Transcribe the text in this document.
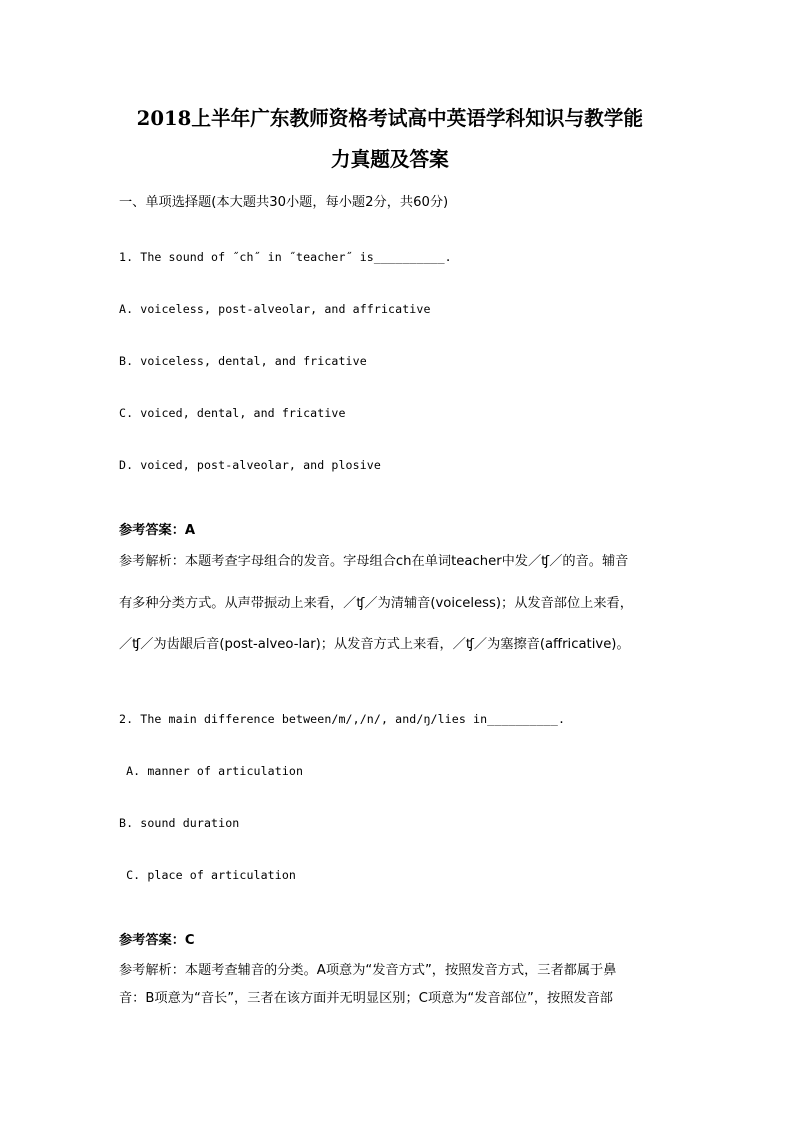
2018上半年广东教师资格考试高中英语学科知识与教学能
力真题及答案
一、单项选择题(本大题共30小题，每小题2分，共60分)
1. The sound of ˝ch˝ in ˝teacher˝ is__________.
A. voiceless, post-alveolar, and affricative
B. voiceless, dental, and fricative
C. voiced, dental, and fricative
D. voiced, post-alveolar, and plosive
参考答案：A
参考解析：本题考查字母组合的发音。字母组合ch在单词teacher中发／ʧ／的音。辅音
有多种分类方式。从声带振动上来看，／ʧ／为清辅音(voiceless)；从发音部位上来看，
／ʧ／为齿龈后音(post-alveo-lar)；从发音方式上来看，／ʧ／为塞擦音(affricative)。
2. The main difference between/m/,/n/, and/ŋ/lies in__________.
A. manner of articulation
B. sound duration
C. place of articulation
参考答案：C
参考解析：本题考查辅音的分类。A项意为“发音方式”，按照发音方式，三者都属于鼻
音：B项意为“音长”，三者在该方面并无明显区别；C项意为“发音部位”，按照发音部
